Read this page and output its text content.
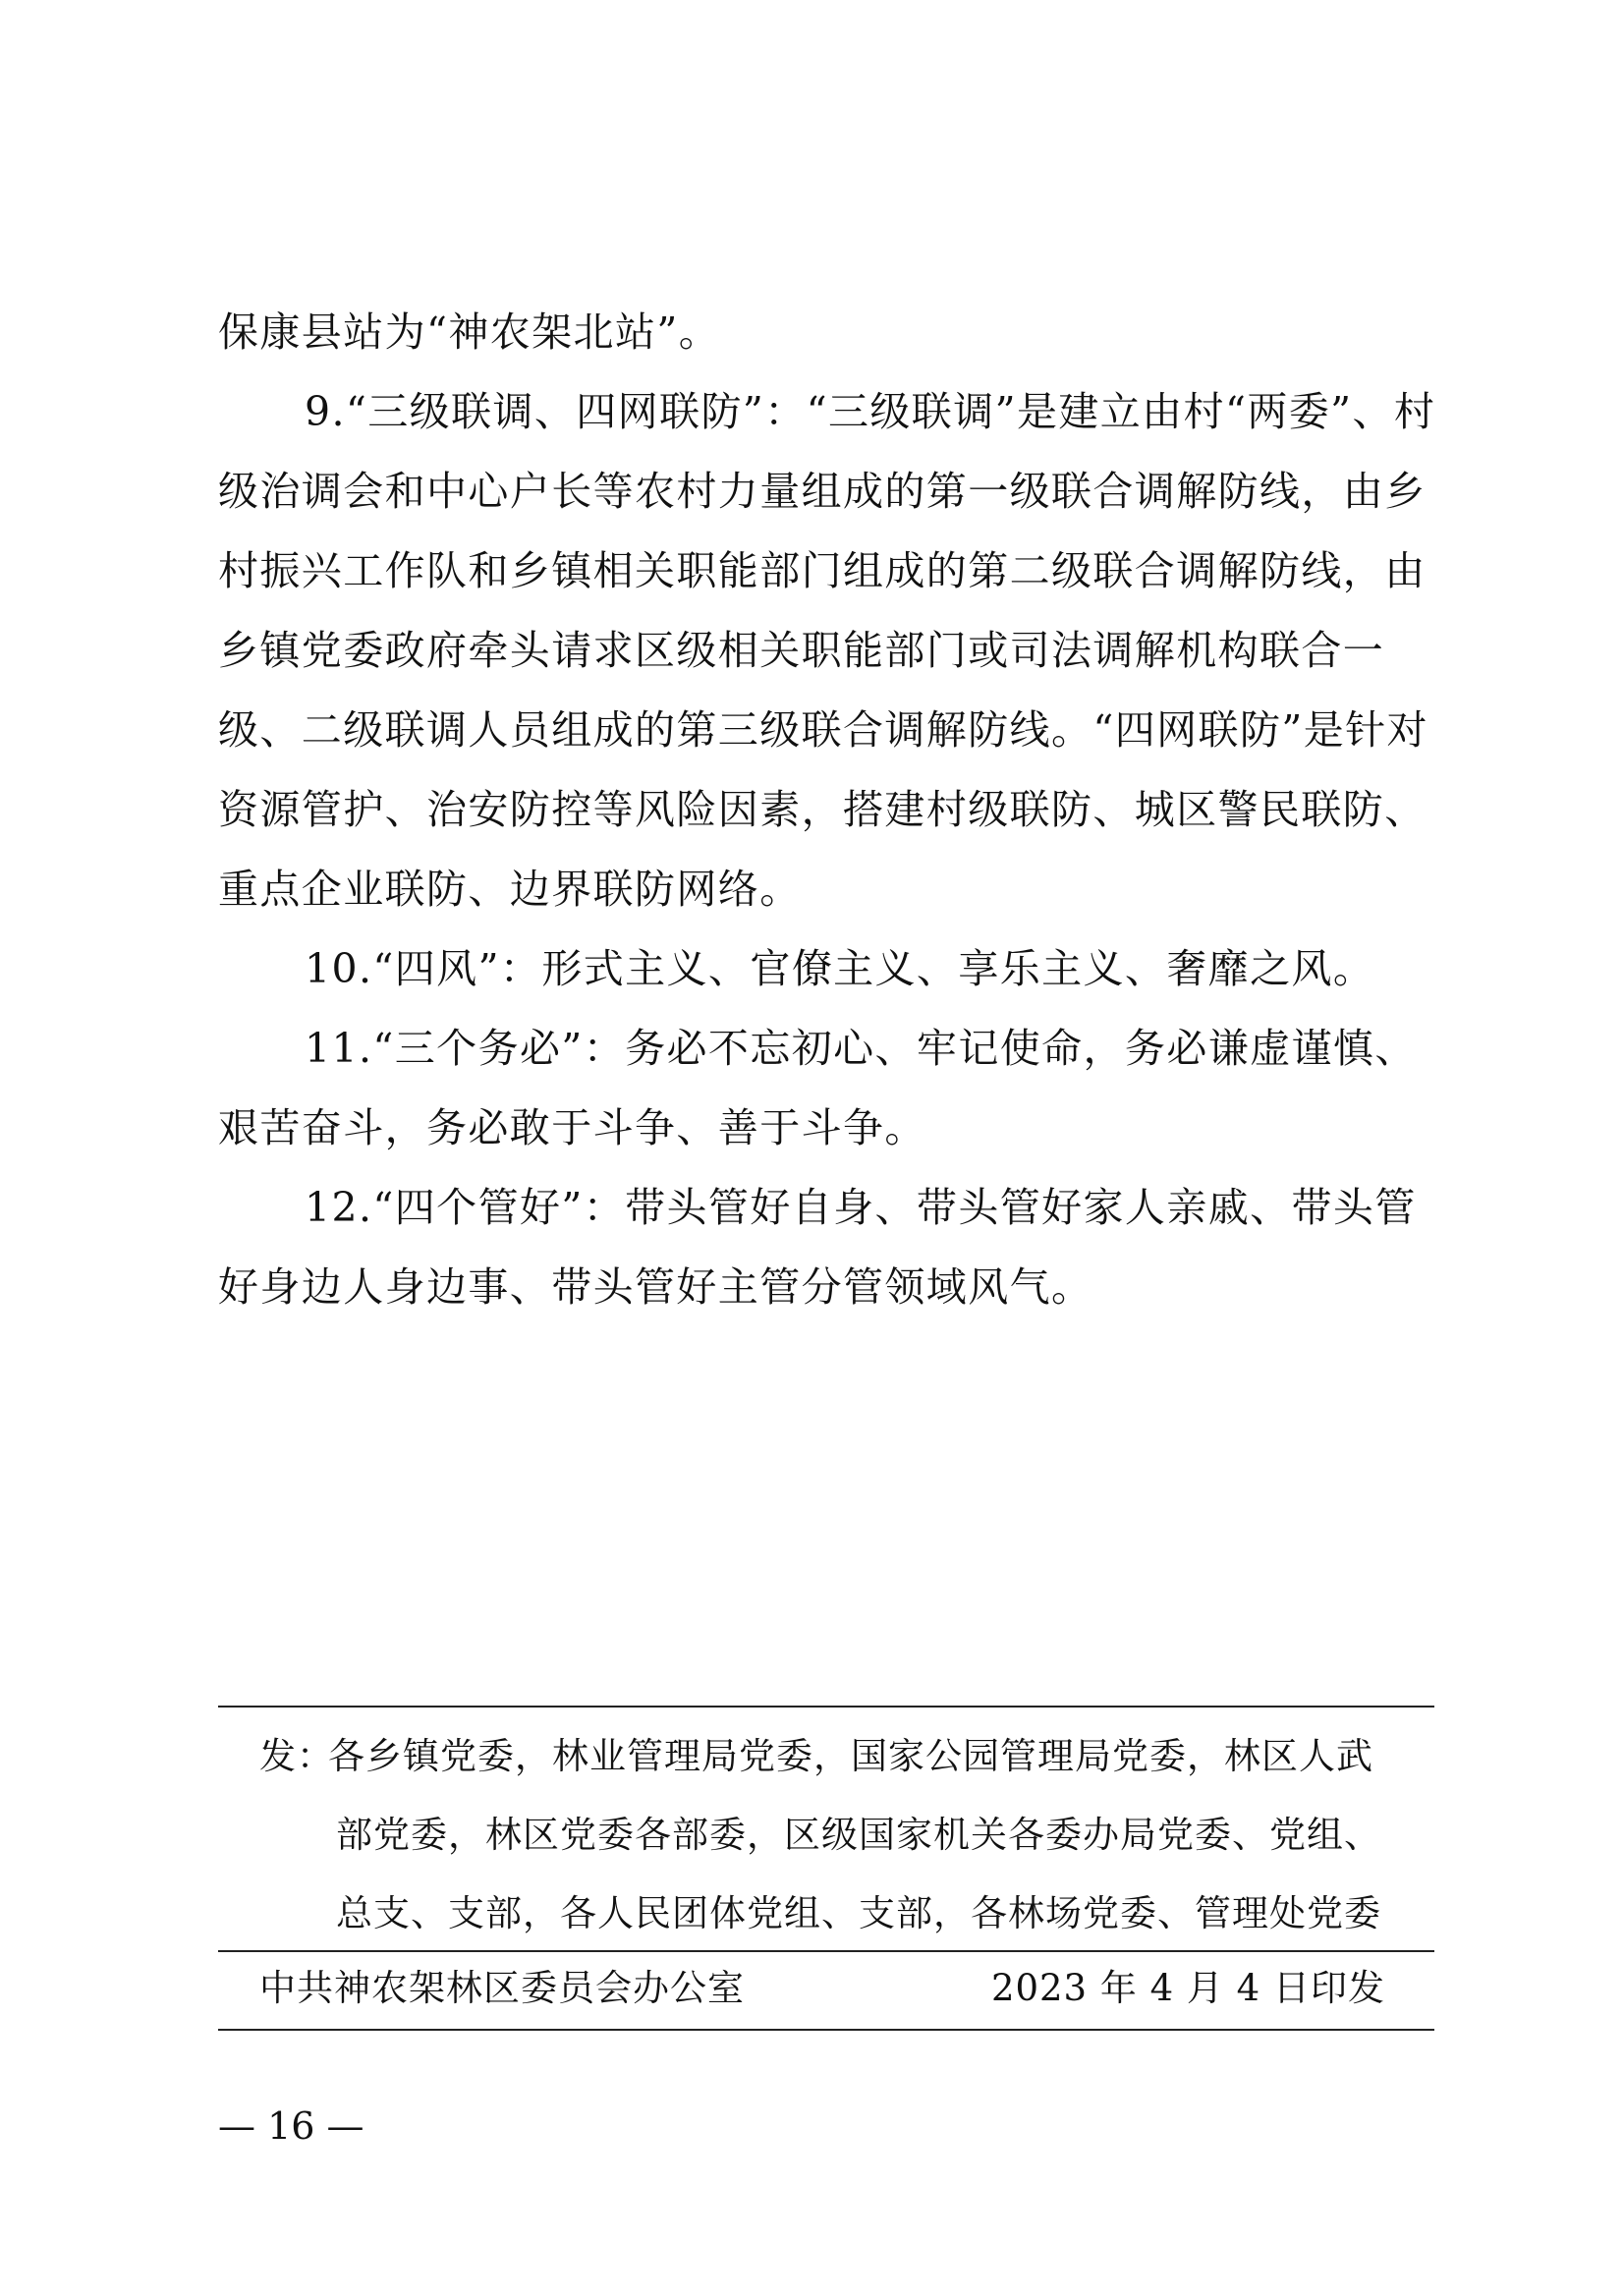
保康县站为“神农架北站”。

9.“三级联调、四网联防”：“三级联调”是建立由村“两委”、村级治调会和中心户长等农村力量组成的第一级联合调解防线，由乡村振兴工作队和乡镇相关职能部门组成的第二级联合调解防线，由乡镇党委政府牵头请求区级相关职能部门或司法调解机构联合一级、二级联调人员组成的第三级联合调解防线。“四网联防”是针对资源管护、治安防控等风险因素，搭建村级联防、城区警民联防、重点企业联防、边界联防网络。

10.“四风”：形式主义、官僚主义、享乐主义、奢靡之风。

11.“三个务必”：务必不忘初心、牢记使命，务必谦虚谨慎、艰苦奋斗，务必敢于斗争、善于斗争。

12.“四个管好”：带头管好自身、带头管好家人亲戚、带头管好身边人身边事、带头管好主管分管领域风气。

发：
各乡镇党委，林业管理局党委，国家公园管理局党委，林区人武
部党委，林区党委各部委，区级国家机关各委办局党委、党组、
总支、支部，各人民团体党组、支部，各林场党委、管理处党委
中共神农架林区委员会办公室	2023 年 4 月 4 日印发
— 16 —
